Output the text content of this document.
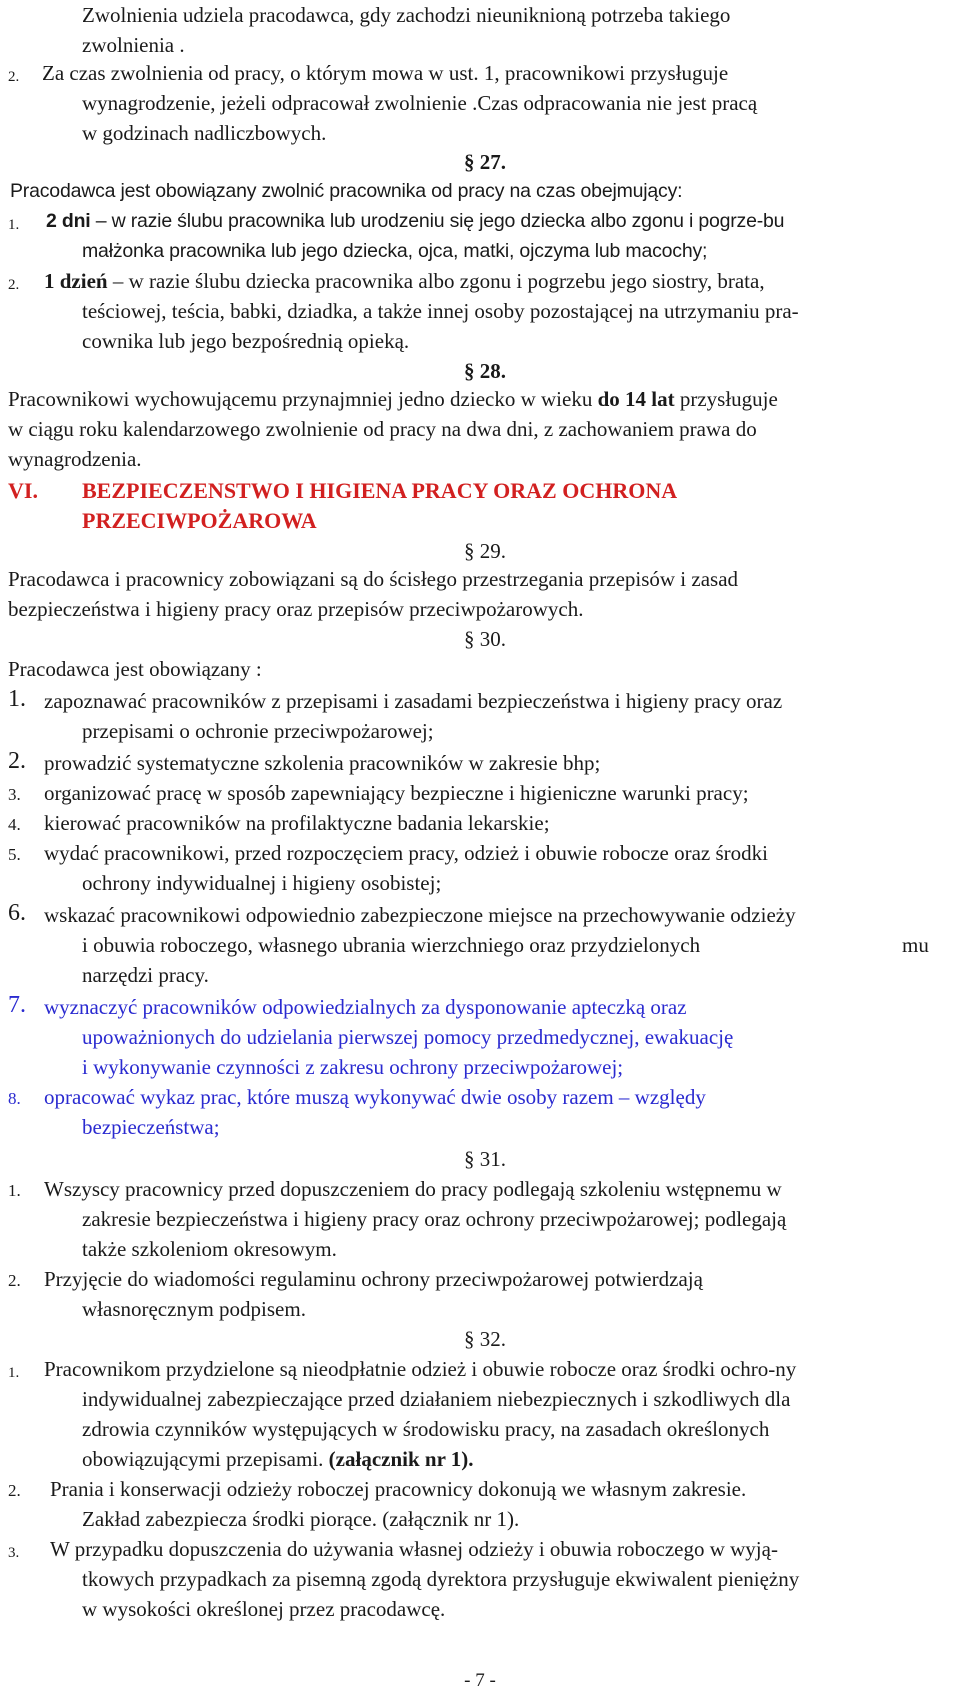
Zwolnienia udziela pracodawca, gdy zachodzi nieuniknioną potrzeba takiego
zwolnienia .
2. Za czas zwolnienia od pracy, o którym mowa w ust. 1, pracownikowi przysługuje
wynagrodzenie, jeżeli odpracował zwolnienie .Czas odpracowania nie jest pracą
w godzinach nadliczbowych.
§ 27.
Pracodawca jest obowiązany zwolnić pracownika od pracy na czas obejmujący:
1. 2 dni – w razie ślubu pracownika lub urodzeniu się jego dziecka albo zgonu i pogrze-bu
małżonka pracownika lub jego dziecka, ojca, matki, ojczyma lub macochy;
2. 1 dzień – w razie ślubu dziecka pracownika albo zgonu i pogrzebu jego siostry, brata,
teściowej, teścia, babki, dziadka, a także innej osoby pozostającej na utrzymaniu pra-
cownika lub jego bezpośrednią opieką.
§ 28.
Pracownikowi wychowującemu przynajmniej jedno dziecko w wieku do 14 lat przysługuje
w ciągu roku kalendarzowego zwolnienie od pracy na dwa dni, z zachowaniem prawa do
wynagrodzenia.
VI. BEZPIECZENSTWO I HIGIENA PRACY ORAZ OCHRONA
PRZECIWPOŻAROWA
§ 29.
Pracodawca i pracownicy zobowiązani są do ścisłego przestrzegania przepisów i zasad
bezpieczeństwa i higieny pracy oraz przepisów przeciwpożarowych.
§ 30.
Pracodawca jest obowiązany :
1. zapoznawać pracowników z przepisami i zasadami bezpieczeństwa i higieny pracy oraz
przepisami o ochronie przeciwpożarowej;
2. prowadzić systematyczne szkolenia pracowników w zakresie bhp;
3. organizować pracę w sposób zapewniający bezpieczne i higieniczne warunki pracy;
4. kierować pracowników na profilaktyczne badania lekarskie;
5. wydać pracownikowi, przed rozpoczęciem pracy, odzież i obuwie robocze oraz środki
ochrony indywidualnej i higieny osobistej;
6. wskazać pracownikowi odpowiednio zabezpieczone miejsce na przechowywanie odzieży
i obuwia roboczego, własnego ubrania wierzchniego oraz przydzielonych	mu
narzędzi pracy.
7. wyznaczyć pracowników odpowiedzialnych za dysponowanie apteczką oraz
upoważnionych do udzielania pierwszej pomocy przedmedycznej, ewakuację
i wykonywanie czynności z zakresu ochrony przeciwpożarowej;
8. opracować wykaz prac, które muszą wykonywać dwie osoby razem – względy
bezpieczeństwa;
§ 31.
1. Wszyscy pracownicy przed dopuszczeniem do pracy podlegają szkoleniu wstępnemu w
zakresie bezpieczeństwa i higieny pracy oraz ochrony przeciwpożarowej; podlegają
także szkoleniom okresowym.
2. Przyjęcie do wiadomości regulaminu ochrony przeciwpożarowej potwierdzają
własnoręcznym podpisem.
§ 32.
1. Pracownikom przydzielone są nieodpłatnie odzież i obuwie robocze oraz środki ochro-ny
indywidualnej zabezpieczające przed działaniem niebezpiecznych i szkodliwych dla
zdrowia czynników występujących w środowisku pracy, na zasadach określonych
obowiązującymi przepisami. (załącznik nr 1).
2. Prania i konserwacji odzieży roboczej pracownicy dokonują we własnym zakresie.
Zakład zabezpiecza środki piorące. (załącznik nr 1).
3. W przypadku dopuszczenia do używania własnej odzieży i obuwia roboczego w wyją-
tkowych przypadkach za pisemną zgodą dyrektora przysługuje ekwiwalent pieniężny
w wysokości określonej przez pracodawcę.
- 7 -
